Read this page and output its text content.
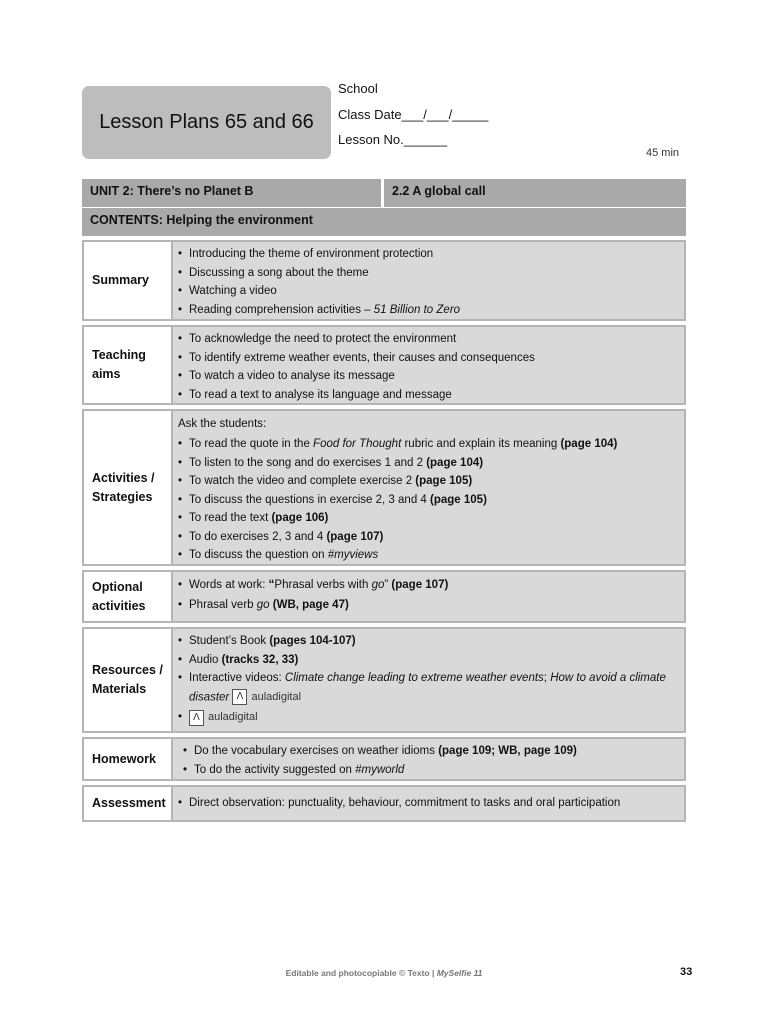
Lesson Plans 65 and 66
School
Class Date___/___/_____
Lesson No.______
45 min
UNIT 2: There’s no Planet B	2.2 A global call
CONTENTS: Helping the environment
Summary
• Introducing the theme of environment protection
• Discussing a song about the theme
• Watching a video
• Reading comprehension activities – 51 Billion to Zero
Teaching aims
• To acknowledge the need to protect the environment
• To identify extreme weather events, their causes and consequences
• To watch a video to analyse its message
• To read a text to analyse its language and message
Activities / Strategies
Ask the students:
• To read the quote in the Food for Thought rubric and explain its meaning (page 104)
• To listen to the song and do exercises 1 and 2 (page 104)
• To watch the video and complete exercise 2 (page 105)
• To discuss the questions in exercise 2, 3 and 4 (page 105)
• To read the text (page 106)
• To do exercises 2, 3 and 4 (page 107)
• To discuss the question on #myviews
Optional activities
• Words at work: “Phrasal verbs with go” (page 107)
• Phrasal verb go (WB, page 47)
Resources / Materials
• Student’s Book (pages 104-107)
• Audio (tracks 32, 33)
• Interactive videos: Climate change leading to extreme weather events; How to avoid a climate disaster Λ auladigital
• Λ auladigital
Homework
• Do the vocabulary exercises on weather idioms (page 109; WB, page 109)
• To do the activity suggested on #myworld
Assessment
•	Direct observation: punctuality, behaviour, commitment to tasks and oral participation
Editable and photocopiable © Texto | MySelfie 11	33
